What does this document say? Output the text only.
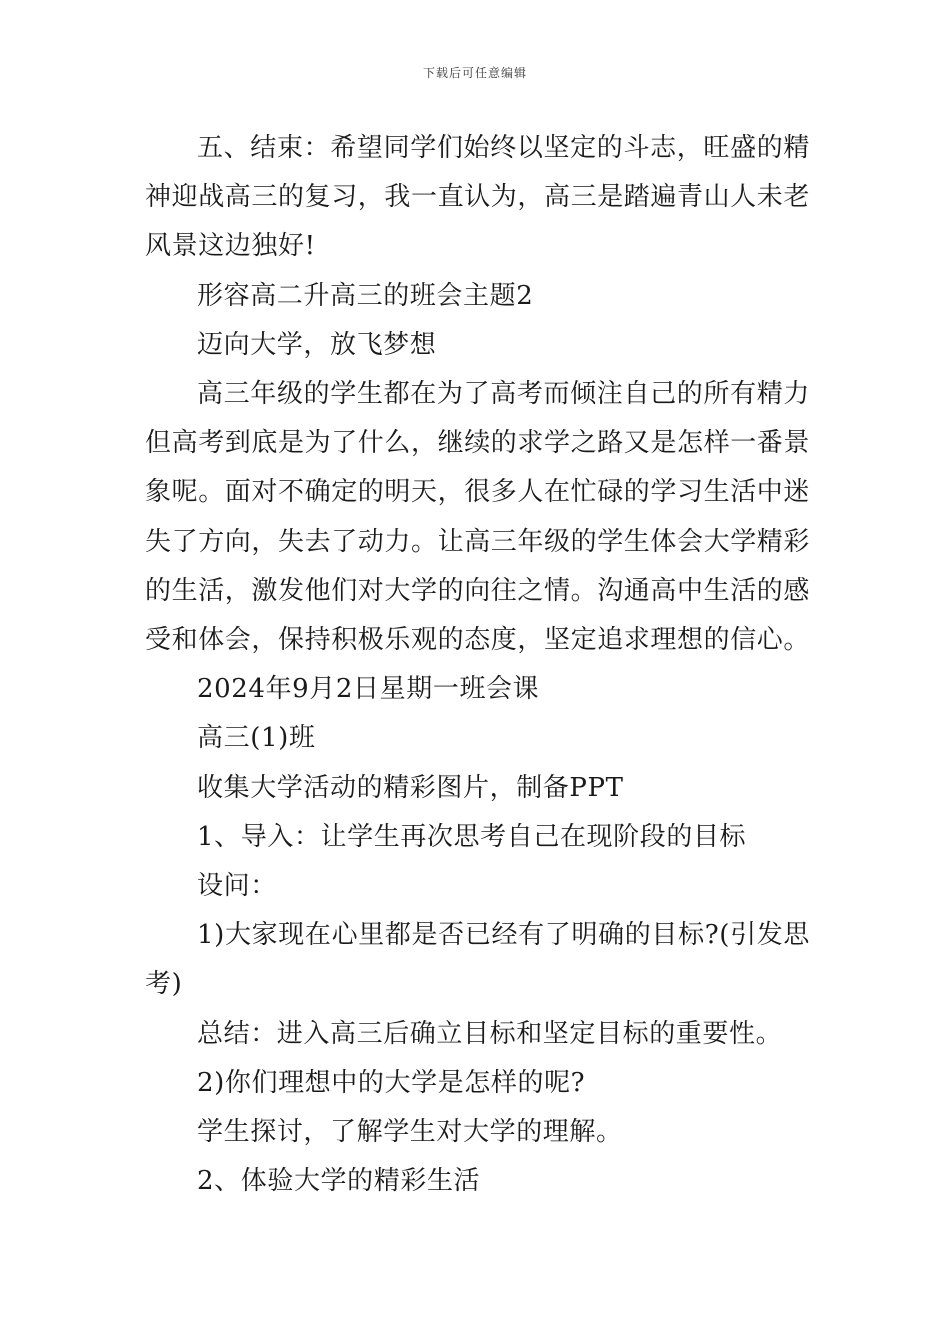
下载后可任意编辑

五、结束：希望同学们始终以坚定的斗志，旺盛的精神迎战高三的复习，我一直认为，高三是踏遍青山人未老风景这边独好!

形容高二升高三的班会主题2

迈向大学，放飞梦想

高三年级的学生都在为了高考而倾注自己的所有精力但高考到底是为了什么，继续的求学之路又是怎样一番景象呢。面对不确定的明天，很多人在忙碌的学习生活中迷失了方向，失去了动力。让高三年级的学生体会大学精彩的生活，激发他们对大学的向往之情。沟通高中生活的感受和体会，保持积极乐观的态度，坚定追求理想的信心。

2024年9月2日星期一班会课

高三(1)班

收集大学活动的精彩图片，制备PPT

1、导入：让学生再次思考自己在现阶段的目标

设问：

1)大家现在心里都是否已经有了明确的目标?(引发思考)

总结：进入高三后确立目标和坚定目标的重要性。

2)你们理想中的大学是怎样的呢?

学生探讨，了解学生对大学的理解。

2、体验大学的精彩生活
